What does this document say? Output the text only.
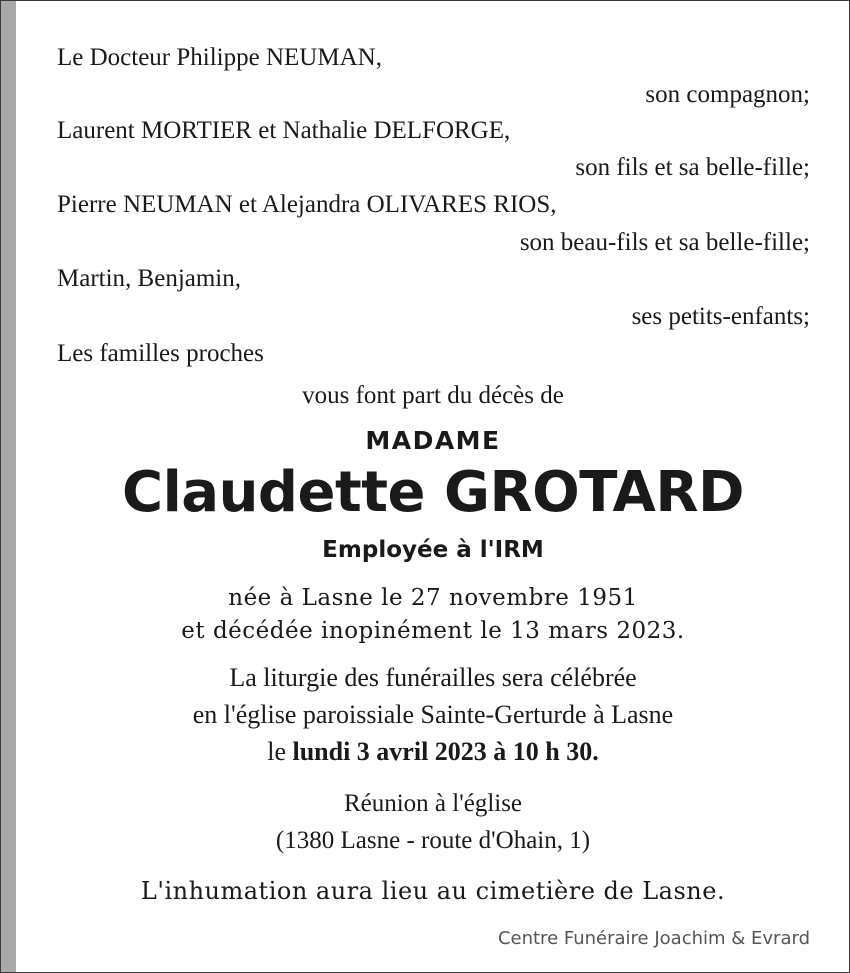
Le Docteur Philippe NEUMAN,
son compagnon;
Laurent MORTIER et Nathalie DELFORGE,
son fils et sa belle-fille;
Pierre NEUMAN et Alejandra OLIVARES RIOS,
son beau-fils et sa belle-fille;
Martin, Benjamin,
ses petits-enfants;
Les familles proches
vous font part du décès de
MADAME
Claudette GROTARD
Employée à l'IRM
née à Lasne le 27 novembre 1951
et décédée inopinément le 13 mars 2023.
La liturgie des funérailles sera célébrée
en l'église paroissiale Sainte-Gerturde à Lasne
le lundi 3 avril 2023 à 10 h 30.
Réunion à l'église
(1380 Lasne - route d'Ohain, 1)
L'inhumation aura lieu au cimetière de Lasne.
Centre Funéraire Joachim & Evrard
